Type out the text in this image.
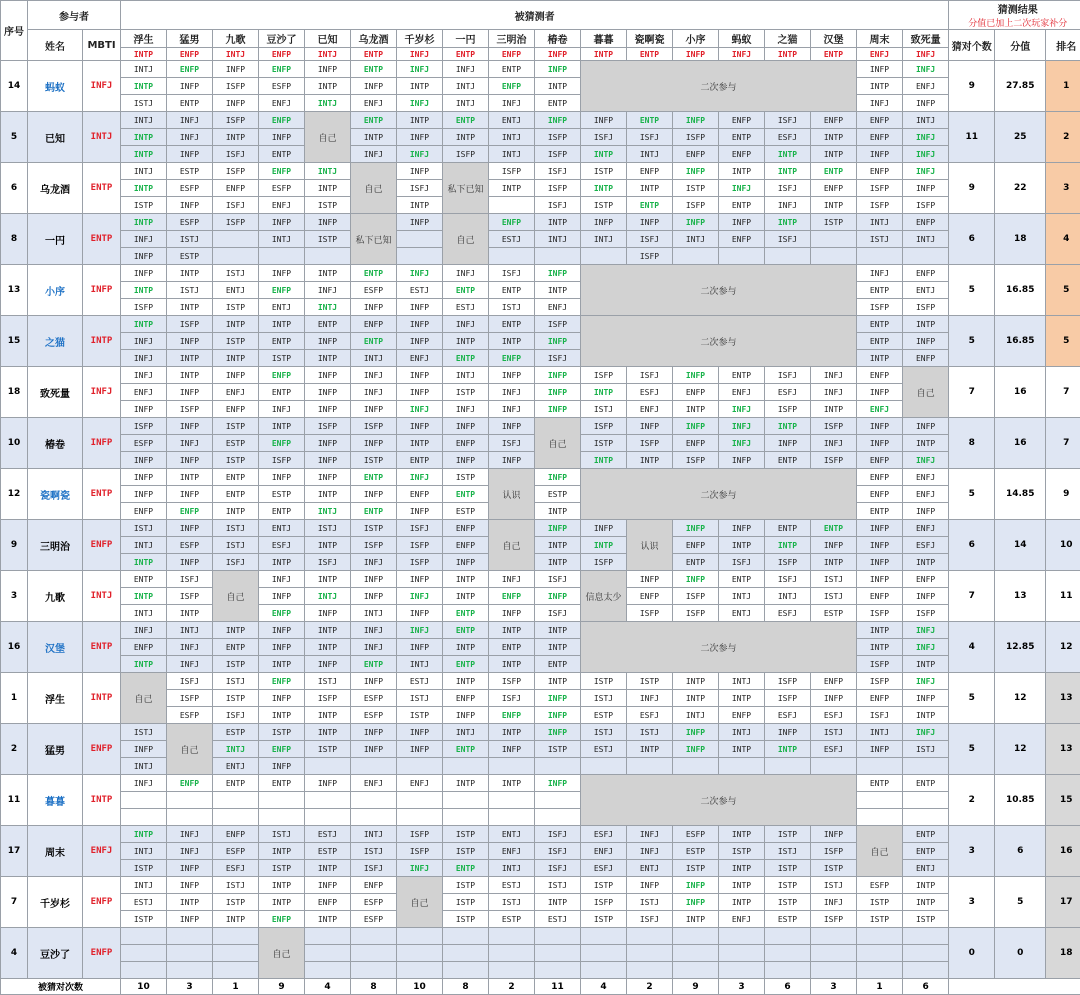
序号	参与者		被猜测者																		猜测结果
分值已加上二次玩家补分		

	姓名	MBTI	浮生	猛男	九歌	豆沙了	已知	乌龙酒	千岁杉	一円	三明治	椿卷	暮暮	瓷啊瓷	小序	蚂蚁	之猫	汉堡	周末	致死量	猜对个数	分值	排名
			INTP	ENFP	INTJ	ENFP	INTJ	ENTP	INFJ	ENTP	ENFP	INFP	INTP	ENTP	INFP	INFJ	INTP	ENTP	ENFJ	INFJ			
14	蚂蚁	INFJ	INTJ	ENFP	INFP	ENFP	INFP	ENTP	INFJ	INFJ	ENTP	INFP	二次参与						INFP	INFJ	9	27.85	1
			INTP	INFP	ISFP	ESFP	INTP	INFP	INTP	INTJ	ENFP	INTP							INTP	ENFJ			
			ISTJ	ENTP	INFP	ENFJ	INTJ	ENFJ	INFJ	INTJ	INFJ	ENTP							INFJ	INFP			
5	已知	INTJ	INTJ	INFJ	ISFP	ENFP	自己	ENTP	INTP	ENTP	ENTJ	INFP	INFP	ENTP	INFP	ENFP	ISFJ	ENFP	ENFP	INTJ	11	25	2
			INTP	INFJ	INTP	INFP		INTP	INFP	INTP	INTJ	ISFP	ISFJ	ISFJ	ISFP	ENTP	ESFJ	INTP	ENFP	INFJ			
			INTP	INFP	ISFJ	ENTP		INFJ	INFJ	ISFP	INTJ	ISFP	INTP	INTJ	ENFP	ENFP	INTP	INTP	INFP	INFJ			
6	乌龙酒	ENTP	INTJ	ESTP	ISFP	ENFP	INTJ	自己	INFP	私下已知	ISFP	ISFJ	ISTP	ENFP	INFP	INTP	INTP	ENTP	ENFP	INFJ	9	22	3
			INTP	ESFP	ENFP	ESFP	INTP		ISFJ		INTP	ISFP	INTP	INTP	ISTP	INFJ	ISFJ	ENFP	ISFP	INFP			
			ISTP	INFP	ISFJ	ENFJ	ISTP		INTP			ISFJ	ISTP	ENTP	ISFP	ENTP	INFJ	INTP	ISFP	ISFP			
8	一円	ENTP	INTP	ESFP	ISFP	INFP	INFP	私下已知	INFP	自己	ENFP	INTP	INFP	INFP	INFP	INFP	INTP	ISTP	INTJ	ENFP	6	18	4
			INFJ	ISTJ		INTJ	ISTP				ESTJ	INTJ	INTJ	ISFJ	INTJ	ENFP	ISFJ		ISTJ	INTJ			
			INFP	ESTP										ISFP									
13	小序	INFP	INFP	INTP	ISTJ	INFP	INTP	ENTP	INFJ	INFJ	ISFJ	INFP	二次参与						INFJ	ENFP	5	16.85	5
			INTP	ISTJ	ENTJ	ENFP	INFJ	ESFP	ESTJ	ENTP	ENTP	INTP							ENTP	ENTJ			
			ISFP	INTP	ISTP	ENTJ	INTJ	INFP	INFP	ESTJ	ISTJ	ENFJ							ISFP	ISFP			
15	之猫	INTP	INTP	ISFP	INTP	INTP	ENTP	ENFP	INFP	INFJ	ENTP	ISFP	二次参与						ENTP	INTP	5	16.85	5
			INFJ	INFP	ISTP	ENTP	INFP	ENTP	INFP	INTP	INTP	INFP							ENTP	INFP			
			INFJ	INTP	INTP	ISTP	INTP	INTJ	ENFJ	ENTP	ENFP	ISFJ							INTP	ENFP			
18	致死量	INFJ	INFJ	INTP	INFP	ENFP	INFP	INFJ	INFP	INTJ	INFP	INFP	ISFP	ISFJ	INFP	ENTP	ISFJ	INFJ	ENFP	自己	7	16	7
			ENFJ	INFP	ENFJ	ENTP	INFP	INFJ	INFP	ISTP	INFJ	INFP	INTP	ESFJ	ENFP	ENFJ	ESFJ	INFJ	INFP				
			INFP	ISFP	ENFP	INFJ	INFP	INFP	INFJ	INFJ	INFJ	INFP	ISTJ	ENFJ	INTP	INFJ	ISFP	INTP	ENFJ				
10	椿卷	INFP	ISFP	INFP	ISTP	INTP	ISFP	ISFP	INFP	INFP	INFP	自己	ISFP	INFP	INFP	INFJ	INTP	ISFP	INFP	INFP	8	16	7
			ESFP	INFJ	ESTP	ENFP	INFP	INFP	INTP	ENFP	ISFJ		ISTP	ISFP	ENFP	INFJ	INFP	INFJ	INFP	INTP			
			INFP	INFP	ISTP	ISFP	INFP	ISTP	ENTP	INFP	INFP		INTP	INTP	ISFP	INFP	ENTP	ISFP	ENFP	INFJ			
12	瓷啊瓷	ENTP	INFP	INTP	ENTP	INFP	INFP	ENTP	INFJ	ISTP	认识	INFP	二次参与						ENFP	ENFJ	5	14.85	9
			INFP	INFP	ENTP	ESTP	INTP	INFP	ENFP	ENTP		ESTP							ENFP	ENFJ			
			ENFP	ENFP	INTP	ENTP	INTJ	ENTP	INFP	ESTP		INTP							ENTP	INFP			
9	三明治	ENFP	ISTJ	INFP	ISTJ	ENTJ	ISTJ	ISTP	ISFJ	ENFP	自己	INFP	INFP	认识	INFP	INFP	ENTP	ENTP	INFP	ENFJ	6	14	10
			INTJ	ESFP	ISTJ	ESFJ	INTP	ISFP	ISFP	ENFP		INTP	INTP		ENFP	INTP	INTP	INFP	INFP	ESFJ			
			INTP	INFP	ISFJ	INTP	ISFJ	INFJ	ISFP	INFP		INTP	ISFP		ENTP	ISFJ	ISFP	INTP	INFP	INTP			
3	九歌	INTJ	ENTP	ISFJ	自己	INFJ	INTP	INFP	INFP	INTP	INFJ	ISFJ	信息太少	INFP	INFP	ENTP	ISFJ	ISTJ	INFP	ENFP	7	13	11
			INTP	ISFP		INFP	INTJ	INFP	INFJ	INTP	ENFP	INFP		ENFP	ISFP	INTJ	INTJ	ISTJ	ENFP	INFP			
			INTJ	INTP		ENFP	INFP	INTJ	INFP	ENTP	INFP	ISFJ		ISFP	ISFP	ENTJ	ESFJ	ESTP	ISFP	ISFP			
16	汉堡	ENTP	INFJ	INTJ	INTP	INFP	INTP	INFJ	INFJ	ENTP	INTP	INTP	二次参与						INTP	INFJ	4	12.85	12
			ENFP	INFJ	ENTP	INFP	INTP	INFJ	INFP	INTP	ENTP	INTP							INTP	INFJ			
			INTP	INFJ	ISTP	INTP	INFP	ENTP	INTJ	ENTP	INTP	ENTP							ISFP	INTP			
1	浮生	INTP	自己	ISFJ	ISTJ	ENFP	ISTJ	INFP	ESTJ	INTP	ISFP	INTP	ISTP	ISTP	INTP	INTJ	ISFP	ENFP	ISFP	INFJ	5	12	13
				ISFP	ISTP	INFP	ISFP	ESFP	ISTJ	ENFP	ISFJ	INFP	ISTJ	INFJ	INTP	INTP	ISFP	INFP	ENFP	INFP			
				ESFP	ISFJ	INTP	INTP	ESFP	ISTP	INFP	ENFP	INFP	ESTP	ESFJ	INTJ	ENFP	ESFJ	ESFJ	ISFJ	INTP			
2	猛男	ENFP	ISTJ	自己	ESTP	ISTP	INTP	INFP	INFP	INTJ	INTP	INFP	ISTJ	ISTJ	INFP	INTJ	INFP	ISTJ	INTJ	INFJ	5	12	13
			INFP		INTJ	ENFP	ISTP	INFP	INFP	ENTP	INFP	ISTP	ESTJ	INTP	INFP	INTP	INTP	ESFJ	INFP	ISTJ			
			INTJ		ENTJ	INFP																	
11	暮暮	INTP	INFJ	ENFP	ENTP	ENTP	INFP	ENFJ	ENFJ	INTP	INTP	INFP	二次参与						ENTP	ENTP	2	10.85	15

17	周末	ENFJ	INTP	INFJ	ENFP	ISTJ	ESTJ	INTJ	ISFP	ISTP	ENTJ	ISFJ	ESFJ	INFJ	ESFP	INTP	ISTP	INFP	自己	ENTP	3	6	16
			INTJ	INFJ	ESFP	INTP	ESTP	ISTJ	ISFP	ISTP	ENFJ	ISFJ	ENFJ	INFJ	ESTP	ISTP	ISTJ	ISFP		ENTP			
			ISTP	INFP	ESFJ	ISTP	INTP	ISFJ	INFJ	ENTP	INTJ	ISFJ	ESFJ	ENTJ	ISTP	INTP	ISTP	ISTP		ENTJ			
7	千岁杉	ENFP	INTJ	INFP	ISTJ	INTP	INFP	ENFP	自己	ISTP	ESTJ	ISTJ	ISTP	INFP	INFP	INTP	ISTP	ISTJ	ESFP	INTP	3	5	17
			ESTJ	INTP	ISTP	INTP	ENFP	ESFP		ISTP	ISTJ	INTP	ISFP	ISTJ	INFP	INTP	ISTP	INFJ	ISTP	INTP			
			ISTP	INFP	INTP	ENFP	INTP	ESFP		ISTP	ESTP	ESTJ	ISTP	ISFJ	INTP	ENFJ	ESTP	ISFP	ISTP	ISTP			
4	豆沙了	ENFP				自己															0	0	18

被猜对次数			10	3	1	9	4	8	10	8	2	11	4	2	9	3	6	3	1	6			
